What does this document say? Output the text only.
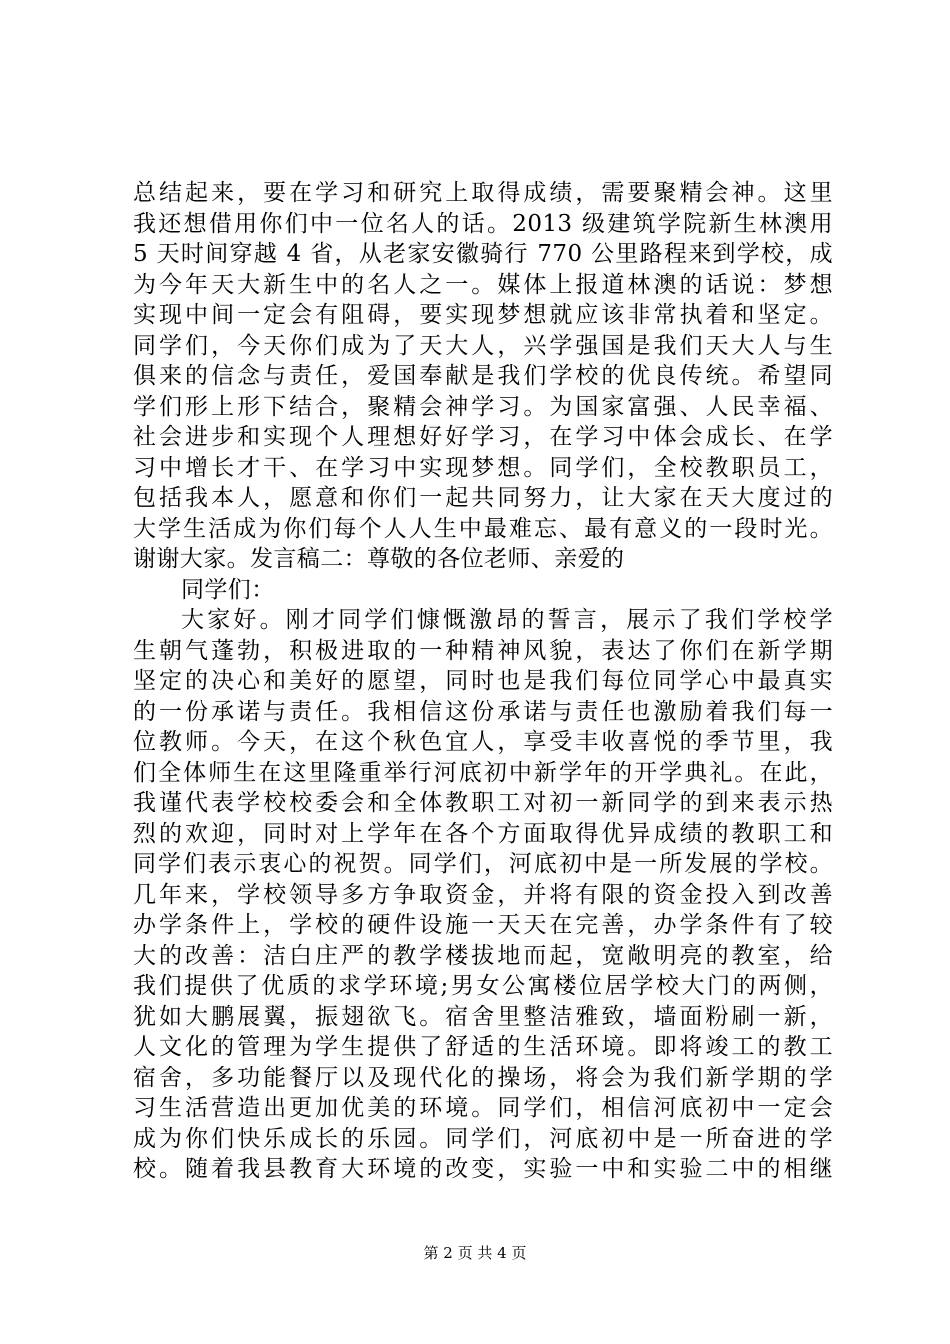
总结起来，要在学习和研究上取得成绩，需要聚精会神。这里
我还想借用你们中一位名人的话。2013 级建筑学院新生林澳用
5 天时间穿越 4 省，从老家安徽骑行 770 公里路程来到学校，成
为今年天大新生中的名人之一。媒体上报道林澳的话说：梦想
实现中间一定会有阻碍，要实现梦想就应该非常执着和坚定。
同学们，今天你们成为了天大人，兴学强国是我们天大人与生
俱来的信念与责任，爱国奉献是我们学校的优良传统。希望同
学们形上形下结合，聚精会神学习。为国家富强、人民幸福、
社会进步和实现个人理想好好学习，在学习中体会成长、在学
习中增长才干、在学习中实现梦想。同学们，全校教职员工，
包括我本人，愿意和你们一起共同努力，让大家在天大度过的
大学生活成为你们每个人人生中最难忘、最有意义的一段时光。
谢谢大家。发言稿二：尊敬的各位老师、亲爱的
同学们：
大家好。刚才同学们慷慨激昂的誓言，展示了我们学校学
生朝气蓬勃，积极进取的一种精神风貌，表达了你们在新学期
坚定的决心和美好的愿望，同时也是我们每位同学心中最真实
的一份承诺与责任。我相信这份承诺与责任也激励着我们每一
位教师。今天，在这个秋色宜人，享受丰收喜悦的季节里，我
们全体师生在这里隆重举行河底初中新学年的开学典礼。在此，
我谨代表学校校委会和全体教职工对初一新同学的到来表示热
烈的欢迎，同时对上学年在各个方面取得优异成绩的教职工和
同学们表示衷心的祝贺。同学们，河底初中是一所发展的学校。
几年来，学校领导多方争取资金，并将有限的资金投入到改善
办学条件上，学校的硬件设施一天天在完善，办学条件有了较
大的改善：洁白庄严的教学楼拔地而起，宽敞明亮的教室，给
我们提供了优质的求学环境;男女公寓楼位居学校大门的两侧，
犹如大鹏展翼，振翅欲飞。宿舍里整洁雅致，墙面粉刷一新，
人文化的管理为学生提供了舒适的生活环境。即将竣工的教工
宿舍，多功能餐厅以及现代化的操场，将会为我们新学期的学
习生活营造出更加优美的环境。同学们，相信河底初中一定会
成为你们快乐成长的乐园。同学们，河底初中是一所奋进的学
校。随着我县教育大环境的改变，实验一中和实验二中的相继
第 2 页 共 4 页
